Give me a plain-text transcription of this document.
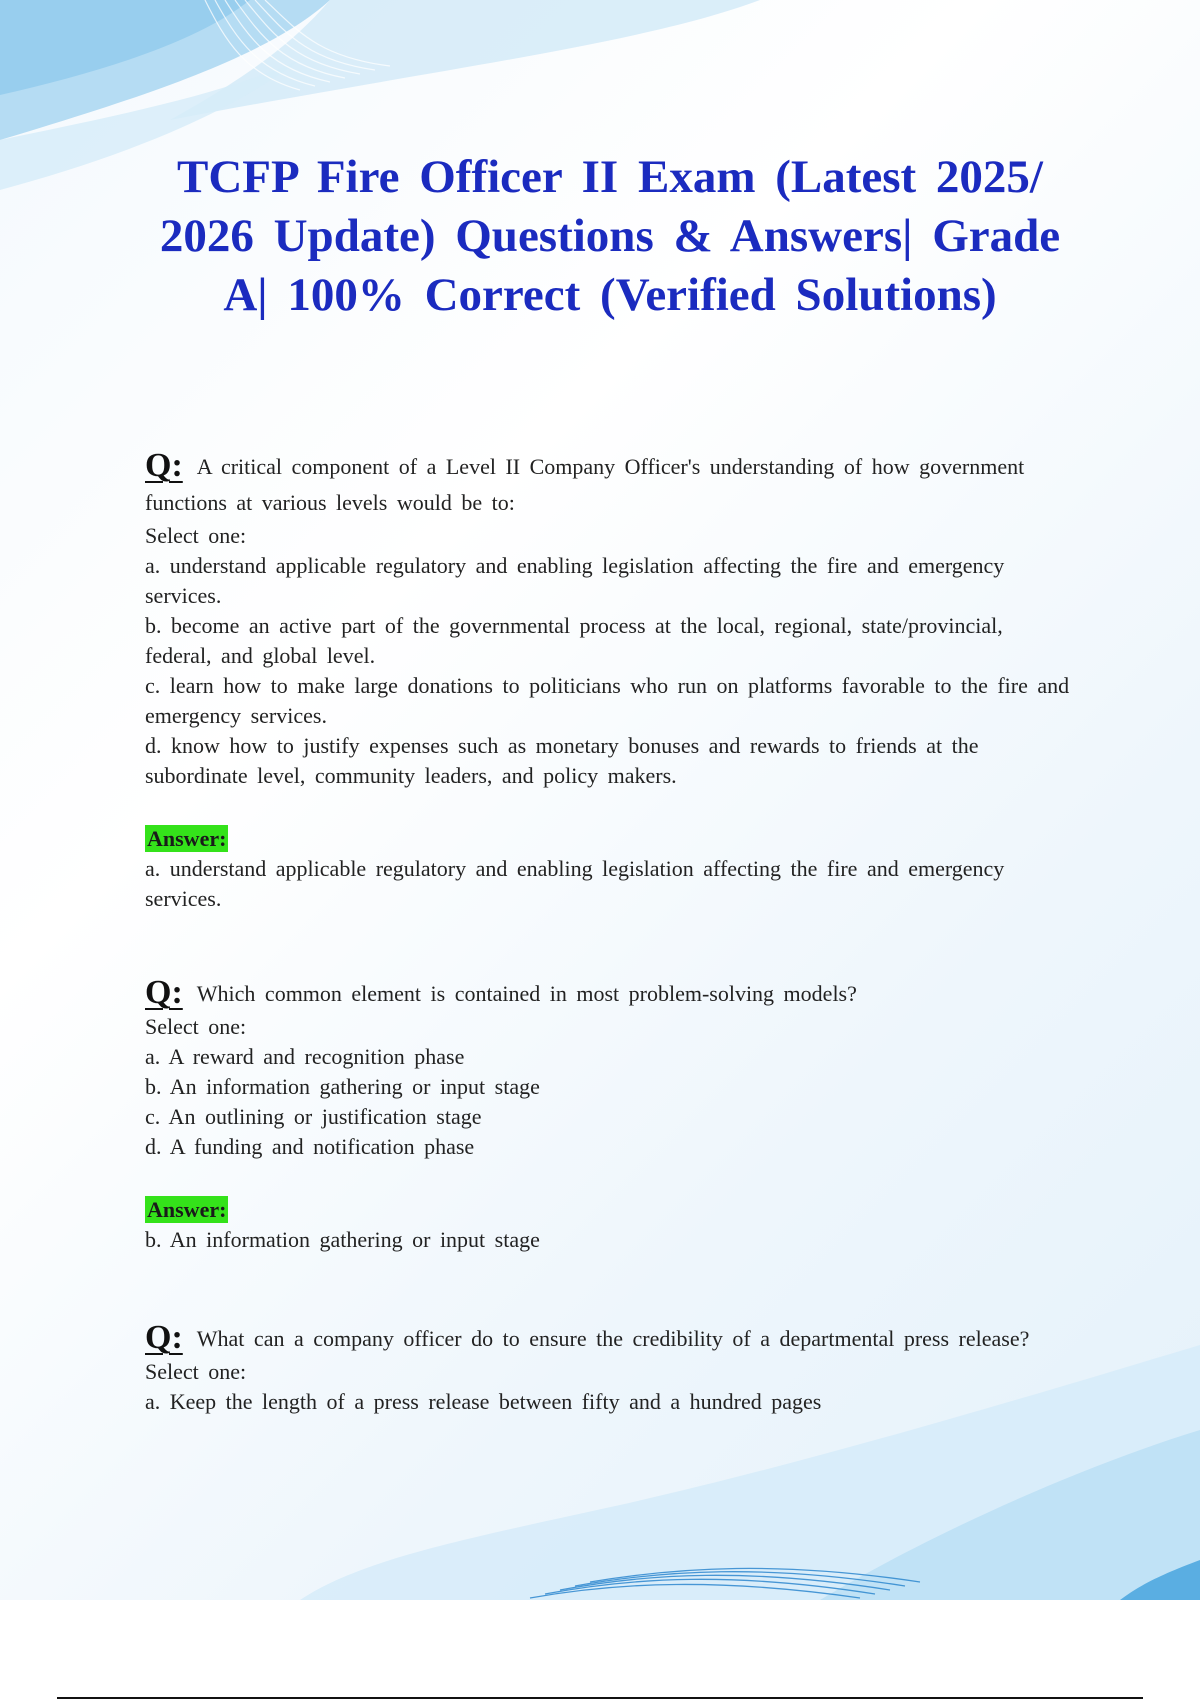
TCFP Fire Officer II Exam (Latest 2025/ 2026 Update) Questions & Answers| Grade A| 100% Correct (Verified Solutions)

Q: A critical component of a Level II Company Officer's understanding of how government functions at various levels would be to:

Select one:

a. understand applicable regulatory and enabling legislation affecting the fire and emergency services.

b. become an active part of the governmental process at the local, regional, state/provincial, federal, and global level.

c. learn how to make large donations to politicians who run on platforms favorable to the fire and emergency services.

d. know how to justify expenses such as monetary bonuses and rewards to friends at the subordinate level, community leaders, and policy makers.

Answer:

a. understand applicable regulatory and enabling legislation affecting the fire and emergency services.

Q: Which common element is contained in most problem-solving models?

Select one:

a. A reward and recognition phase

b. An information gathering or input stage

c. An outlining or justification stage

d. A funding and notification phase

Answer:

b. An information gathering or input stage

Q: What can a company officer do to ensure the credibility of a departmental press release?

Select one:

a. Keep the length of a press release between fifty and a hundred pages
